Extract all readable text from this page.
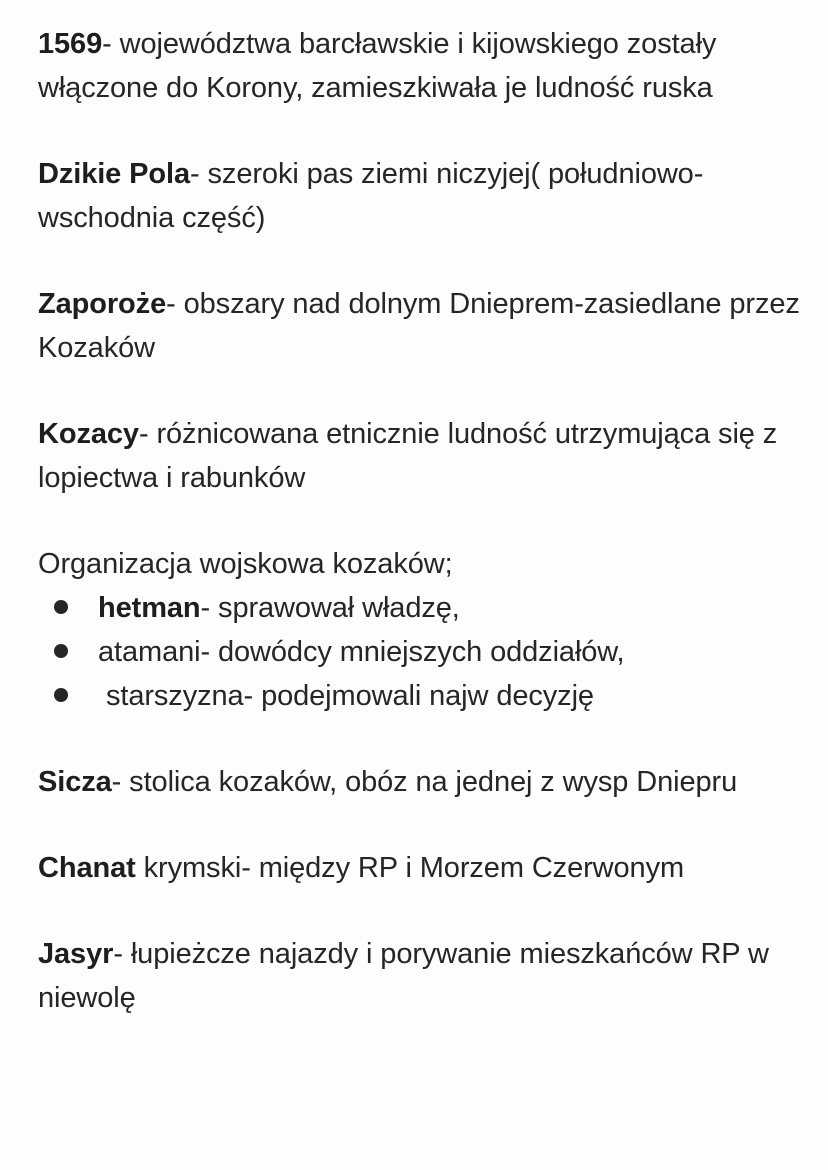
1569- województwa barcławskie i kijowskiego zostały włączone do Korony, zamieszkiwała je ludność ruska

Dzikie Pola- szeroki pas ziemi niczyjej( południowo-wschodnia część)

Zaporoże- obszary nad dolnym Dnieprem-zasiedlane przez Kozaków

Kozacy- różnicowana etnicznie ludność utrzymująca się z lopiectwa i rabunków

Organizacja wojskowa kozaków;
hetman- sprawował władzę,
atamani- dowódcy mniejszych oddziałów,
starszyzna- podejmowali najw decyzję

Sicza- stolica kozaków, obóz na jednej z wysp Dniepru

Chanat krymski- między RP i Morzem Czerwonym

Jasyr- łupieżcze najazdy i porywanie mieszkańców RP w niewolę
